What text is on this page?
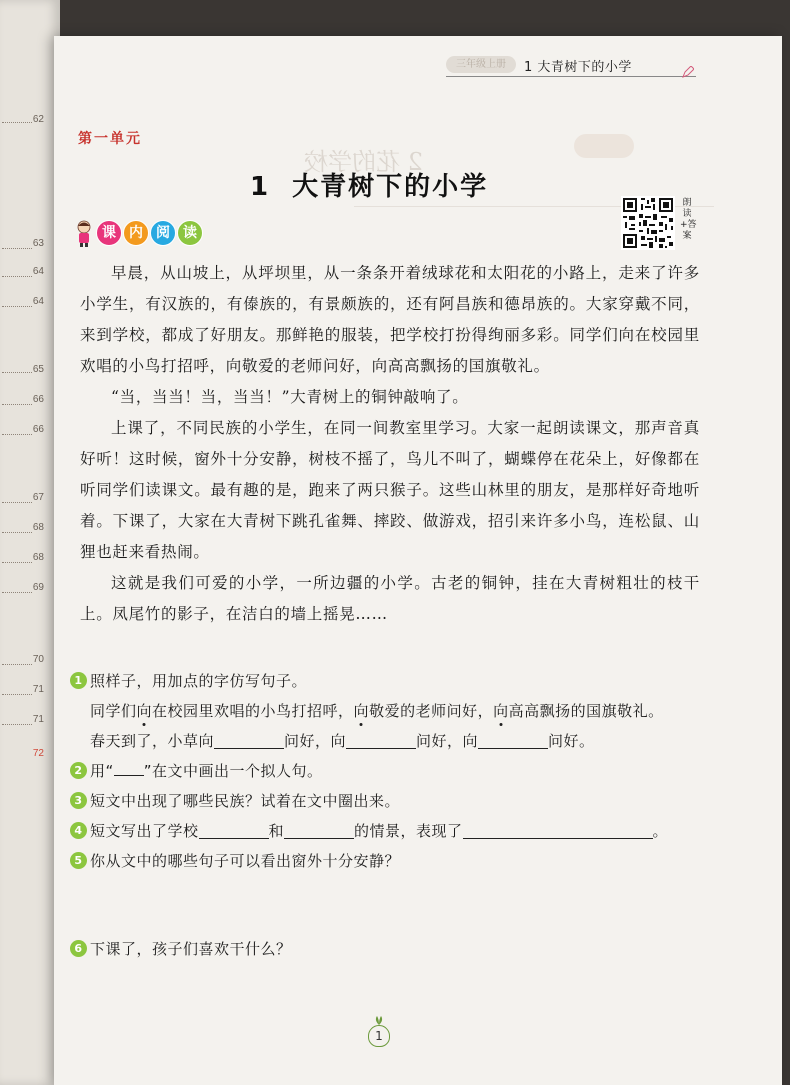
62
63
64
64
65
66
66
67
68
68
69
70
71
71
72
2 花的学校
三年级上册	1 大青树下的小学
第一单元
1 大青树下的小学
课 内 阅 读
朗读+答案

早晨，从山坡上，从坪坝里，从一条条开着绒球花和太阳花的小路上，走来了许多小学生，有汉族的，有傣族的，有景颇族的，还有阿昌族和德昂族的。大家穿戴不同，来到学校，都成了好朋友。那鲜艳的服装，把学校打扮得绚丽多彩。同学们向在校园里欢唱的小鸟打招呼，向敬爱的老师问好，向高高飘扬的国旗敬礼。

“当，当当！当，当当！”大青树上的铜钟敲响了。

上课了，不同民族的小学生，在同一间教室里学习。大家一起朗读课文，那声音真好听！这时候，窗外十分安静，树枝不摇了，鸟儿不叫了，蝴蝶停在花朵上，好像都在听同学们读课文。最有趣的是，跑来了两只猴子。这些山林里的朋友，是那样好奇地听着。下课了，大家在大青树下跳孔雀舞、摔跤、做游戏，招引来许多小鸟，连松鼠、山狸也赶来看热闹。

这就是我们可爱的小学，一所边疆的小学。古老的铜钟，挂在大青树粗壮的枝干上。凤尾竹的影子，在洁白的墙上摇晃……

1 照样子，用加点的字仿写句子。
同学们 向 在校园里欢唱的小鸟打招呼， 向 敬爱的老师问好， 向 高高飘扬的国旗敬礼。
春天到了，小草向	问好，向	问好，向	问好。
2 用“ ”在文中画出一个拟人句。
3 短文中出现了哪些民族？试着在文中圈出来。
4 短文写出了学校	和	的情景，表现了	。
5 你从文中的哪些句子可以看出窗外十分安静？
6 下课了，孩子们喜欢干什么？
1
